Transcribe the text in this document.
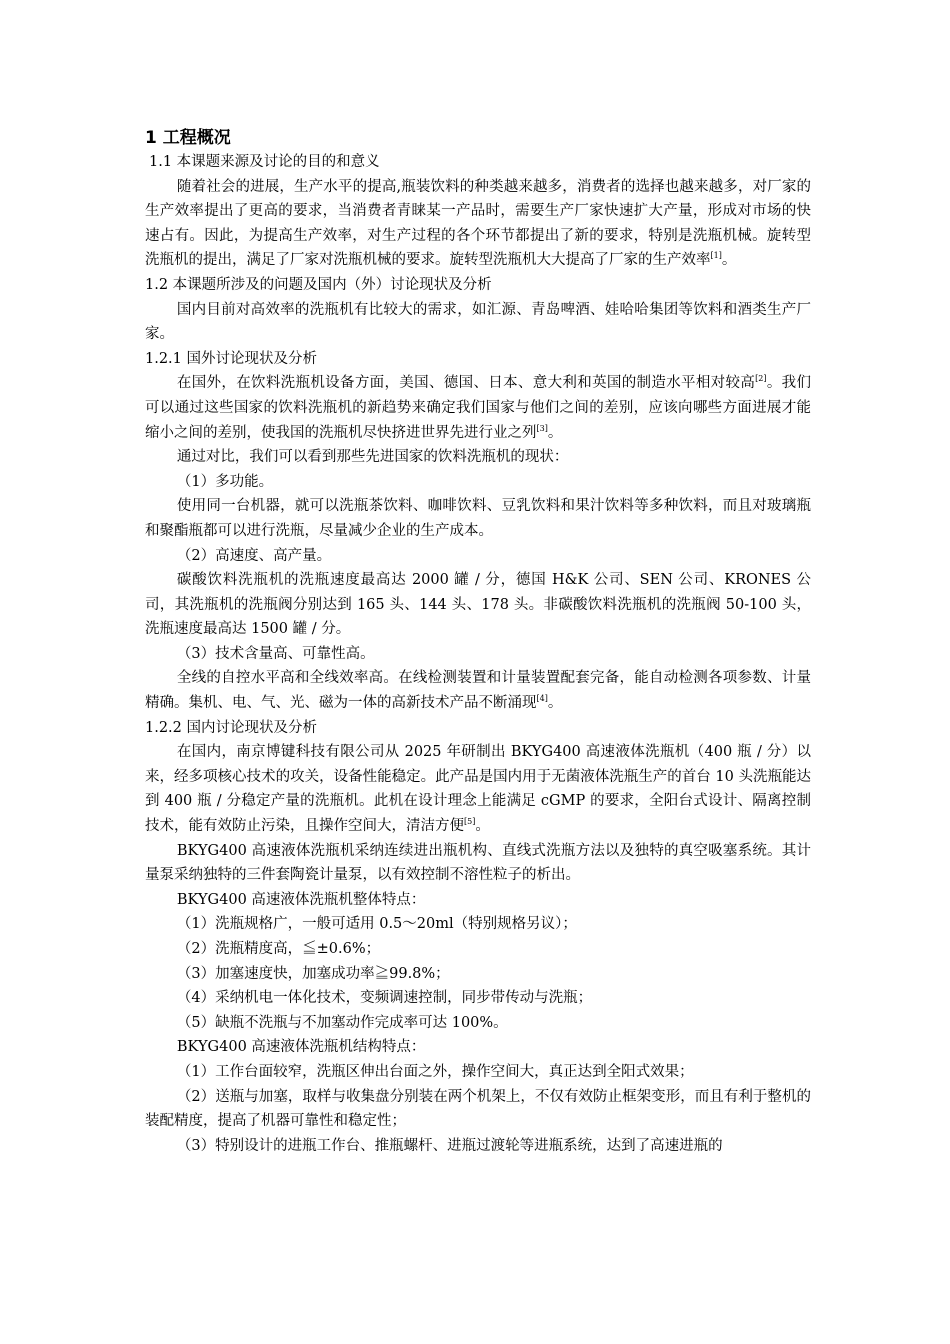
1 工程概况
1.1 本课题来源及讨论的目的和意义

随着社会的进展，生产水平的提高,瓶装饮料的种类越来越多，消费者的选择也越来越多，对厂家的生产效率提出了更高的要求，当消费者青睐某一产品时，需要生产厂家快速扩大产量，形成对市场的快速占有。因此，为提高生产效率，对生产过程的各个环节都提出了新的要求，特别是洗瓶机械。旋转型洗瓶机的提出，满足了厂家对洗瓶机械的要求。旋转型洗瓶机大大提高了厂家的生产效率[1]。

1.2 本课题所涉及的问题及国内（外）讨论现状及分析

国内目前对高效率的洗瓶机有比较大的需求，如汇源、青岛啤酒、娃哈哈集团等饮料和酒类生产厂家。

1.2.1 国外讨论现状及分析

在国外，在饮料洗瓶机设备方面，美国、德国、日本、意大利和英国的制造水平相对较高[2]。我们可以通过这些国家的饮料洗瓶机的新趋势来确定我们国家与他们之间的差别，应该向哪些方面进展才能缩小之间的差别，使我国的洗瓶机尽快挤进世界先进行业之列[3]。

通过对比，我们可以看到那些先进国家的饮料洗瓶机的现状：

（1）多功能。

使用同一台机器，就可以洗瓶茶饮料、咖啡饮料、豆乳饮料和果汁饮料等多种饮料，而且对玻璃瓶和聚酯瓶都可以进行洗瓶，尽量减少企业的生产成本。

（2）高速度、高产量。

碳酸饮料洗瓶机的洗瓶速度最高达 2000 罐 / 分，德国 H&K 公司、SEN 公司、KRONES 公司，其洗瓶机的洗瓶阀分别达到 165 头、144 头、178 头。非碳酸饮料洗瓶机的洗瓶阀 50-100 头，洗瓶速度最高达 1500 罐 / 分。

（3）技术含量高、可靠性高。

全线的自控水平高和全线效率高。在线检测装置和计量装置配套完备，能自动检测各项参数、计量精确。集机、电、气、光、磁为一体的高新技术产品不断涌现[4]。

1.2.2 国内讨论现状及分析

在国内，南京博键科技有限公司从 2025 年研制出 BKYG400 高速液体洗瓶机（400 瓶 / 分）以来，经多项核心技术的攻关，设备性能稳定。此产品是国内用于无菌液体洗瓶生产的首台 10 头洗瓶能达到 400 瓶 / 分稳定产量的洗瓶机。此机在设计理念上能满足 cGMP 的要求，全阳台式设计、隔离控制技术，能有效防止污染，且操作空间大，清洁方便[5]。

BKYG400 高速液体洗瓶机采纳连续进出瓶机构、直线式洗瓶方法以及独特的真空吸塞系统。其计量泵采纳独特的三件套陶瓷计量泵，以有效控制不溶性粒子的析出。

BKYG400 高速液体洗瓶机整体特点：

（1）洗瓶规格广，一般可适用 0.5～20ml（特别规格另议）；

（2）洗瓶精度高，≦±0.6%；

（3）加塞速度快，加塞成功率≧99.8%；

（4）采纳机电一体化技术，变频调速控制，同步带传动与洗瓶；

（5）缺瓶不洗瓶与不加塞动作完成率可达 100%。

BKYG400 高速液体洗瓶机结构特点：

（1）工作台面较窄，洗瓶区伸出台面之外，操作空间大，真正达到全阳式效果；

（2）送瓶与加塞，取样与收集盘分别装在两个机架上，不仅有效防止框架变形，而且有利于整机的装配精度，提高了机器可靠性和稳定性；

（3）特别设计的进瓶工作台、推瓶螺杆、进瓶过渡轮等进瓶系统，达到了高速进瓶的
